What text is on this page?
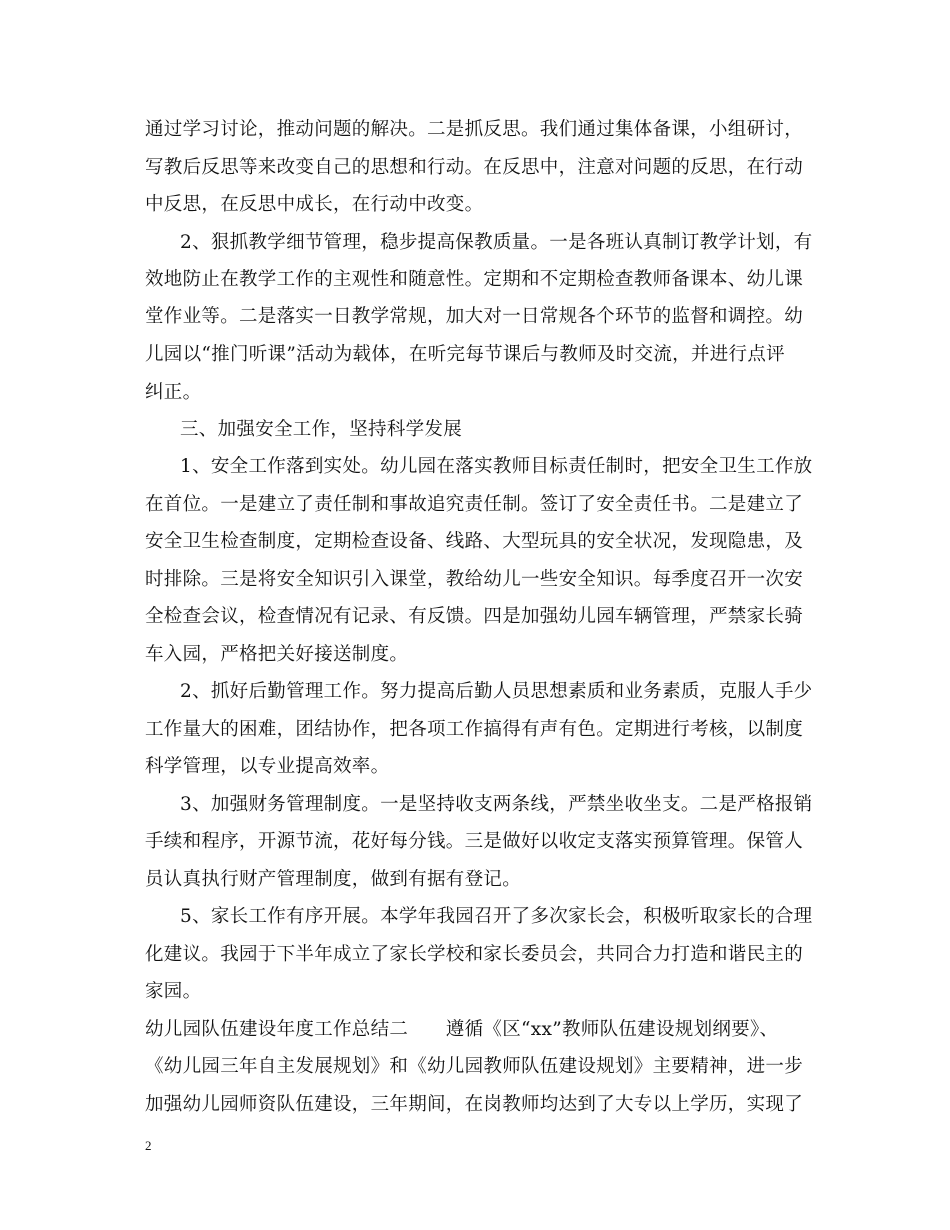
通过学习讨论，推动问题的解决。二是抓反思。我们通过集体备课，小组研讨，
写教后反思等来改变自己的思想和行动。在反思中，注意对问题的反思，在行动
中反思，在反思中成长，在行动中改变。
2、狠抓教学细节管理，稳步提高保教质量。一是各班认真制订教学计划，有
效地防止在教学工作的主观性和随意性。定期和不定期检查教师备课本、幼儿课
堂作业等。二是落实一日教学常规，加大对一日常规各个环节的监督和调控。幼
儿园以“推门听课”活动为载体，在听完每节课后与教师及时交流，并进行点评
纠正。
三、加强安全工作，坚持科学发展
1、安全工作落到实处。幼儿园在落实教师目标责任制时，把安全卫生工作放
在首位。一是建立了责任制和事故追究责任制。签订了安全责任书。二是建立了
安全卫生检查制度，定期检查设备、线路、大型玩具的安全状况，发现隐患，及
时排除。三是将安全知识引入课堂，教给幼儿一些安全知识。每季度召开一次安
全检查会议，检查情况有记录、有反馈。四是加强幼儿园车辆管理，严禁家长骑
车入园，严格把关好接送制度。
2、抓好后勤管理工作。努力提高后勤人员思想素质和业务素质，克服人手少
工作量大的困难，团结协作，把各项工作搞得有声有色。定期进行考核，以制度
科学管理，以专业提高效率。
3、加强财务管理制度。一是坚持收支两条线，严禁坐收坐支。二是严格报销
手续和程序，开源节流，花好每分钱。三是做好以收定支落实预算管理。保管人
员认真执行财产管理制度，做到有据有登记。
5、家长工作有序开展。本学年我园召开了多次家长会，积极听取家长的合理
化建议。我园于下半年成立了家长学校和家长委员会，共同合力打造和谐民主的
家园。
幼儿园队伍建设年度工作总结二　　遵循《区“xx”教师队伍建设规划纲要》、
《幼儿园三年自主发展规划》和《幼儿园教师队伍建设规划》主要精神，进一步
加强幼儿园师资队伍建设，三年期间，在岗教师均达到了大专以上学历，实现了
2
